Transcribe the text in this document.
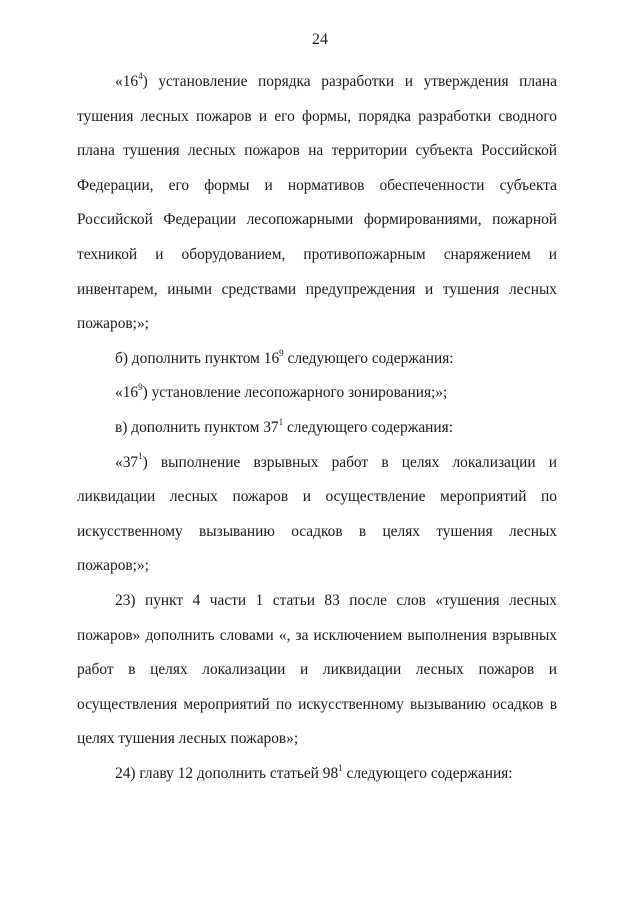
24

«$16^4$) установление порядка разработки и утверждения плана тушения лесных пожаров и его формы, порядка разработки сводного плана тушения лесных пожаров на территории субъекта Российской Федерации, его формы и нормативов обеспеченности субъекта Российской Федерации лесопожарными формированиями, пожарной техникой и оборудованием, противопожарным снаряжением и инвентарем, иными средствами предупреждения и тушения лесных пожаров;»;

б) дополнить пунктом $16^9$ следующего содержания:

«$16^9$) установление лесопожарного зонирования;»;

в) дополнить пунктом $37^1$ следующего содержания:

«$37^1$) выполнение взрывных работ в целях локализации и ликвидации лесных пожаров и осуществление мероприятий по искусственному вызыванию осадков в целях тушения лесных пожаров;»;

23) пункт 4 части 1 статьи 83 после слов «тушения лесных пожаров» дополнить словами «, за исключением выполнения взрывных работ в целях локализации и ликвидации лесных пожаров и осуществления мероприятий по искусственному вызыванию осадков в целях тушения лесных пожаров»;

24) главу 12 дополнить статьей $98^1$ следующего содержания:
